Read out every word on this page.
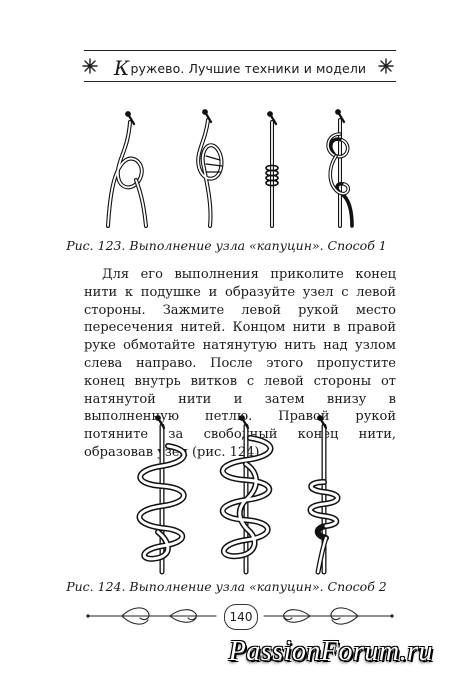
Кружево. Лучшие техники и модели
Рис. 123. Выполнение узла «капуцин». Способ 1

Для его выполнения приколите конец нити к подушке и образуйте узел с левой стороны. Зажмите левой рукой место пересечения нитей. Концом нити в правой руке обмотайте натянутую нить над узлом слева направо. После этого пропустите конец внутрь витков с левой стороны от натянутой нити и затем внизу в выполненную петлю. Правой рукой потяните за свободный конец нити, образовав узел (рис. 124).

Рис. 124. Выполнение узла «капуцин». Способ 2
140
PassionForum.ru
